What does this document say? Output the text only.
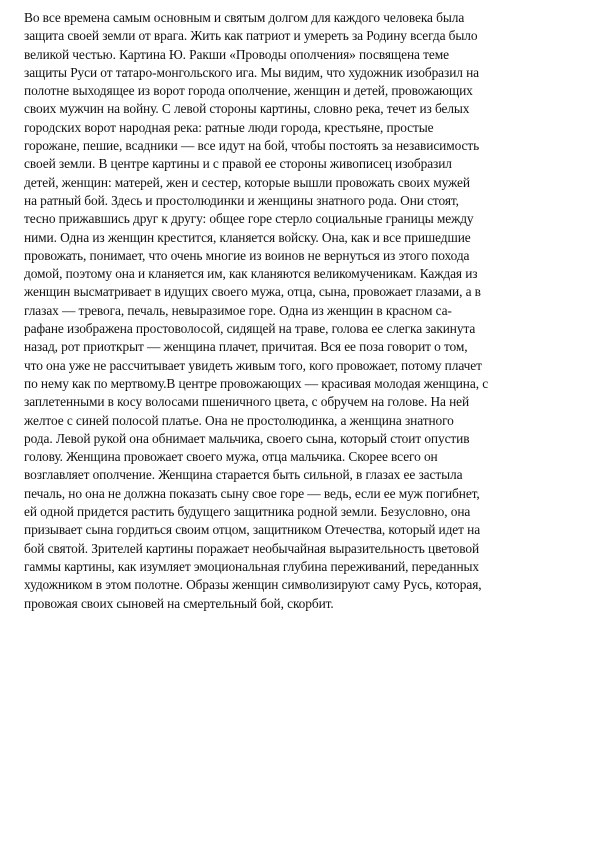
Во все времена самым основным и святым долгом для каждого человека была
защита своей земли от врага. Жить как патриот и умереть за Родину всегда было
великой честью. Картина Ю. Ракши «Проводы ополчения» посвящена теме
защиты Руси от татаро-монгольского ига. Мы видим, что художник изобразил на
полотне выходящее из ворот города ополчение, женщин и детей, провожающих
своих мужчин на войну. С левой стороны картины, словно река, течет из белых
городских ворот народная река: ратные люди города, крестьяне, простые
горожане, пешие, всадники — все идут на бой, чтобы постоять за независимость
своей земли. В центре картины и с правой ее стороны живописец изобразил
детей, женщин: матерей, жен и сестер, которые вышли провожать своих мужей
на ратный бой. Здесь и простолюдинки и женщины знатного рода. Они стоят,
тесно прижавшись друг к другу: общее горе стерло социальные границы между
ними. Одна из женщин крестится, кланяется войску. Она, как и все пришедшие
провожать, понимает, что очень многие из воинов не вернуться из этого похода
домой, поэтому она и кланяется им, как кланяются великомученикам. Каждая из
женщин высматривает в идущих своего мужа, отца, сына, провожает глазами, а в
глазах — тревога, печаль, невыразимое горе. Одна из женщин в красном са-
рафане изображена простоволосой, сидящей на траве, голова ее слегка закинута
назад, рот приоткрыт — женщина плачет, причитая. Вся ее поза говорит о том,
что она уже не рассчитывает увидеть живым того, кого провожает, потому плачет
по нему как по мертвому.В центре провожающих — красивая молодая женщина, с
заплетенными в косу волосами пшеничного цвета, с обручем на голове. На ней
желтое с синей полосой платье. Она не простолюдинка, а женщина знатного
рода. Левой рукой она обнимает мальчика, своего сына, который стоит опустив
голову. Женщина провожает своего мужа, отца мальчика. Скорее всего он
возглавляет ополчение. Женщина старается быть сильной, в глазах ее застыла
печаль, но она не должна показать сыну свое горе — ведь, если ее муж погибнет,
ей одной придется растить будущего защитника родной земли. Безусловно, она
призывает сына гордиться своим отцом, защитником Отечества, который идет на
бой святой. Зрителей картины поражает необычайная выразительность цветовой
гаммы картины, как изумляет эмоциональная глубина переживаний, переданных
художником в этом полотне. Образы женщин символизируют саму Русь, которая,
провожая своих сыновей на смертельный бой, скорбит.
